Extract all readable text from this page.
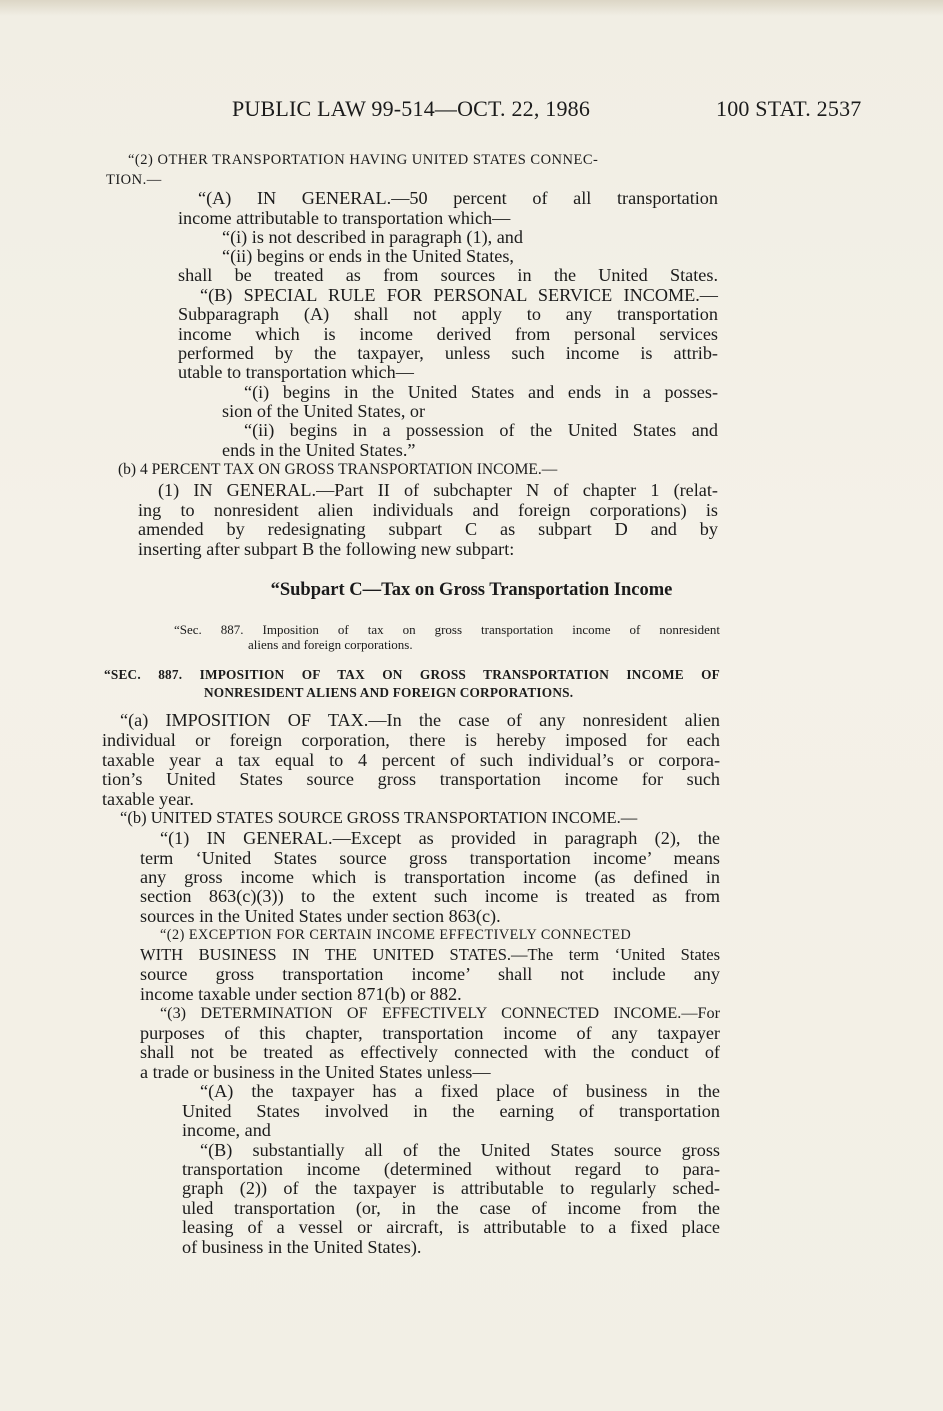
PUBLIC LAW 99-514—OCT. 22, 1986	100 STAT. 2537
“(2) OTHER TRANSPORTATION HAVING UNITED STATES CONNEC-
TION.—
“(A) IN GENERAL.—50 percent of all transportation
income attributable to transportation which—
“(i) is not described in paragraph (1), and
“(ii) begins or ends in the United States,
shall be treated as from sources in the United States.
“(B) SPECIAL RULE FOR PERSONAL SERVICE INCOME.—
Subparagraph (A) shall not apply to any transportation
income which is income derived from personal services
performed by the taxpayer, unless such income is attrib-
utable to transportation which—
“(i) begins in the United States and ends in a posses-
sion of the United States, or
“(ii) begins in a possession of the United States and
ends in the United States.”
(b) 4 PERCENT TAX ON GROSS TRANSPORTATION INCOME.—
(1) IN GENERAL.—Part II of subchapter N of chapter 1 (relat-
ing to nonresident alien individuals and foreign corporations) is
amended by redesignating subpart C as subpart D and by
inserting after subpart B the following new subpart:
“Subpart C—Tax on Gross Transportation Income
“Sec. 887. Imposition of tax on gross transportation income of nonresident
aliens and foreign corporations.
“SEC. 887. IMPOSITION OF TAX ON GROSS TRANSPORTATION INCOME OF
NONRESIDENT ALIENS AND FOREIGN CORPORATIONS.
“(a) IMPOSITION OF TAX.—In the case of any nonresident alien
individual or foreign corporation, there is hereby imposed for each
taxable year a tax equal to 4 percent of such individual’s or corpora-
tion’s United States source gross transportation income for such
taxable year.
“(b) UNITED STATES SOURCE GROSS TRANSPORTATION INCOME.—
“(1) IN GENERAL.—Except as provided in paragraph (2), the
term ‘United States source gross transportation income’ means
any gross income which is transportation income (as defined in
section 863(c)(3)) to the extent such income is treated as from
sources in the United States under section 863(c).
“(2) EXCEPTION FOR CERTAIN INCOME EFFECTIVELY CONNECTED
WITH BUSINESS IN THE UNITED STATES.—The term ‘United States
source gross transportation income’ shall not include any
income taxable under section 871(b) or 882.
“(3) DETERMINATION OF EFFECTIVELY CONNECTED INCOME.—For
purposes of this chapter, transportation income of any taxpayer
shall not be treated as effectively connected with the conduct of
a trade or business in the United States unless—
“(A) the taxpayer has a fixed place of business in the
United States involved in the earning of transportation
income, and
“(B) substantially all of the United States source gross
transportation income (determined without regard to para-
graph (2)) of the taxpayer is attributable to regularly sched-
uled transportation (or, in the case of income from the
leasing of a vessel or aircraft, is attributable to a fixed place
of business in the United States).
